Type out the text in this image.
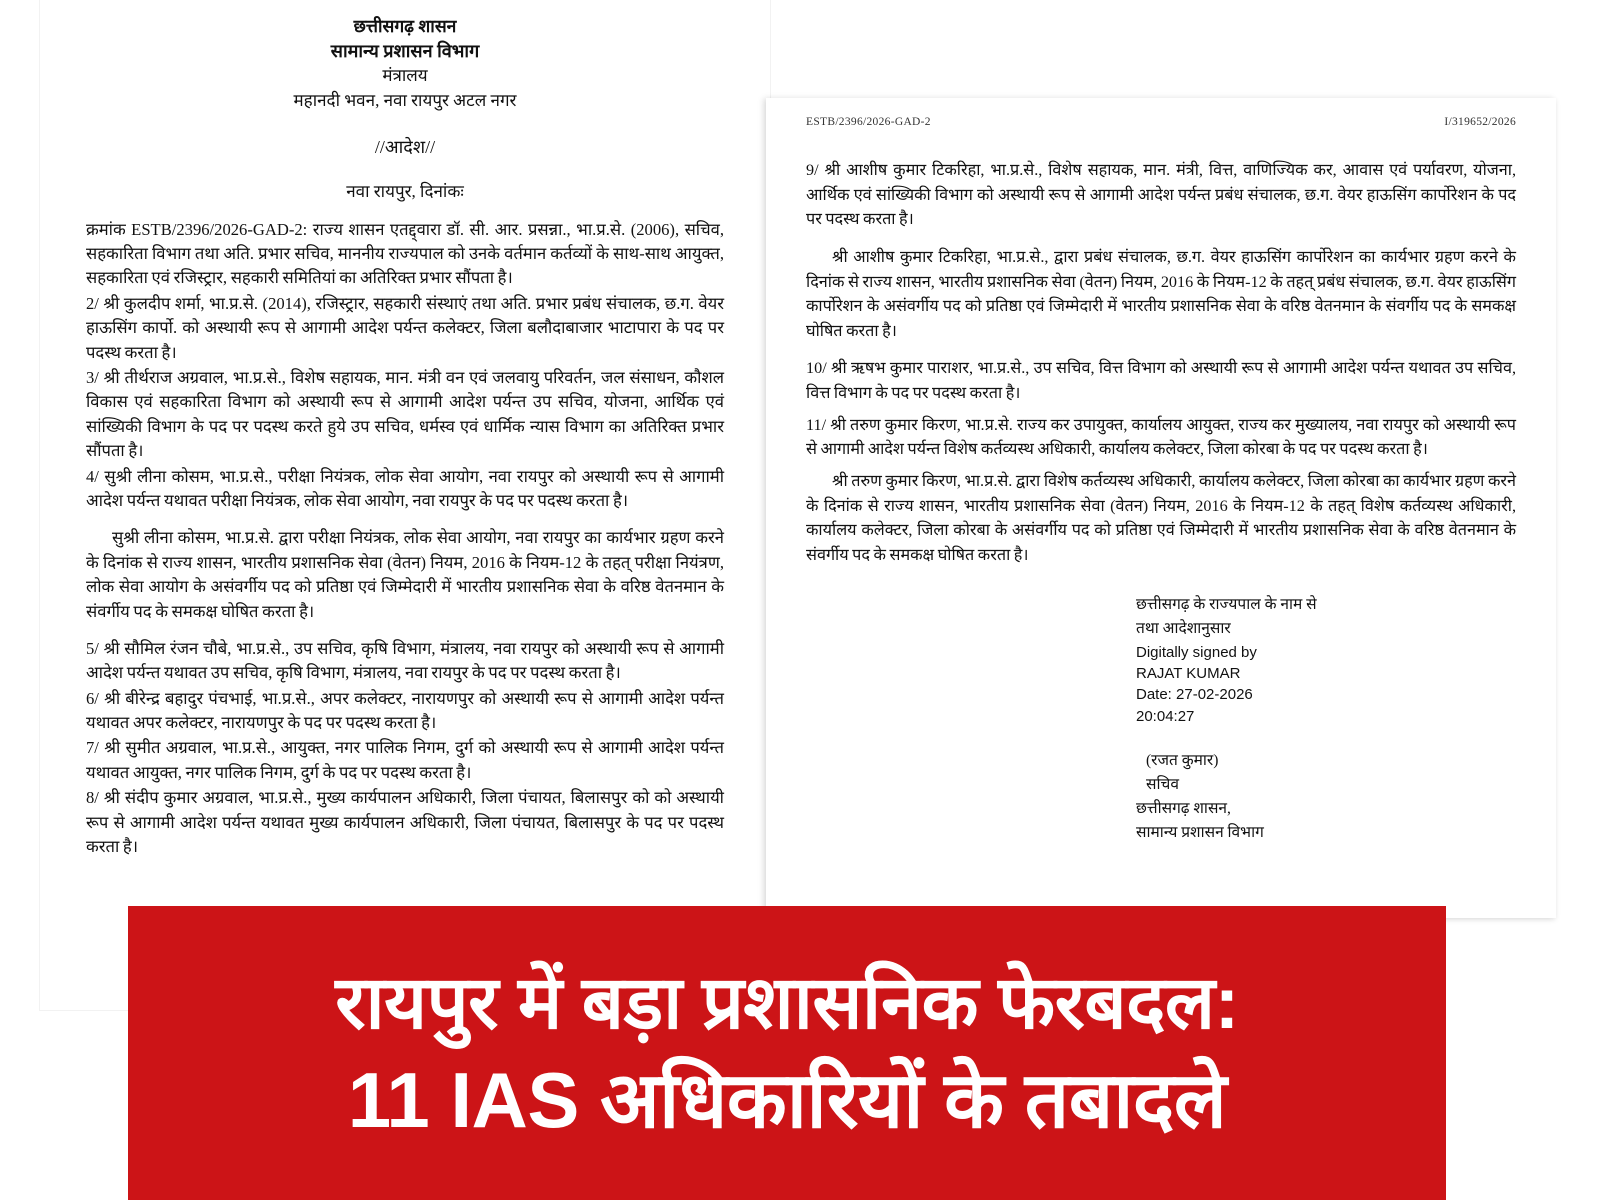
छत्तीसगढ़ शासन
सामान्य प्रशासन विभाग
मंत्रालय
महानदी भवन, नवा रायपुर अटल नगर
//आदेश//
नवा रायपुर, दिनांकः

क्रमांक ESTB/2396/2026-GAD-2: राज्य शासन एतद्द्वारा डॉ. सी. आर. प्रसन्ना., भा.प्र.से. (2006), सचिव, सहकारिता विभाग तथा अति. प्रभार सचिव, माननीय राज्यपाल को उनके वर्तमान कर्तव्यों के साथ-साथ आयुक्त, सहकारिता एवं रजिस्ट्रार, सहकारी समितियां का अतिरिक्त प्रभार सौंपता है।

2/ श्री कुलदीप शर्मा, भा.प्र.से. (2014), रजिस्ट्रार, सहकारी संस्थाएं तथा अति. प्रभार प्रबंध संचालक, छ.ग. वेयर हाऊसिंग कार्पो. को अस्थायी रूप से आगामी आदेश पर्यन्त कलेक्टर, जिला बलौदाबाजार भाटापारा के पद पर पदस्थ करता है।

3/ श्री तीर्थराज अग्रवाल, भा.प्र.से., विशेष सहायक, मान. मंत्री वन एवं जलवायु परिवर्तन, जल संसाधन, कौशल विकास एवं सहकारिता विभाग को अस्थायी रूप से आगामी आदेश पर्यन्त उप सचिव, योजना, आर्थिक एवं सांख्यिकी विभाग के पद पर पदस्थ करते हुये उप सचिव, धर्मस्व एवं धार्मिक न्यास विभाग का अतिरिक्त प्रभार सौंपता है।

4/ सुश्री लीना कोसम, भा.प्र.से., परीक्षा नियंत्रक, लोक सेवा आयोग, नवा रायपुर को अस्थायी रूप से आगामी आदेश पर्यन्त यथावत परीक्षा नियंत्रक, लोक सेवा आयोग, नवा रायपुर के पद पर पदस्थ करता है।

सुश्री लीना कोसम, भा.प्र.से. द्वारा परीक्षा नियंत्रक, लोक सेवा आयोग, नवा रायपुर का कार्यभार ग्रहण करने के दिनांक से राज्य शासन, भारतीय प्रशासनिक सेवा (वेतन) नियम, 2016 के नियम-12 के तहत् परीक्षा नियंत्रण, लोक सेवा आयोग के असंवर्गीय पद को प्रतिष्ठा एवं जिम्मेदारी में भारतीय प्रशासनिक सेवा के वरिष्ठ वेतनमान के संवर्गीय पद के समकक्ष घोषित करता है।

5/ श्री सौमिल रंजन चौबे, भा.प्र.से., उप सचिव, कृषि विभाग, मंत्रालय, नवा रायपुर को अस्थायी रूप से आगामी आदेश पर्यन्त यथावत उप सचिव, कृषि विभाग, मंत्रालय, नवा रायपुर के पद पर पदस्थ करता है।

6/ श्री बीरेन्द्र बहादुर पंचभाई, भा.प्र.से., अपर कलेक्टर, नारायणपुर को अस्थायी रूप से आगामी आदेश पर्यन्त यथावत अपर कलेक्टर, नारायणपुर के पद पर पदस्थ करता है।

7/ श्री सुमीत अग्रवाल, भा.प्र.से., आयुक्त, नगर पालिक निगम, दुर्ग को अस्थायी रूप से आगामी आदेश पर्यन्त यथावत आयुक्त, नगर पालिक निगम, दुर्ग के पद पर पदस्थ करता है।

8/ श्री संदीप कुमार अग्रवाल, भा.प्र.से., मुख्य कार्यपालन अधिकारी, जिला पंचायत, बिलासपुर को को अस्थायी रूप से आगामी आदेश पर्यन्त यथावत मुख्य कार्यपालन अधिकारी, जिला पंचायत, बिलासपुर के पद पर पदस्थ करता है।

ESTB/2396/2026-GAD-2	I/319652/2026

9/ श्री आशीष कुमार टिकरिहा, भा.प्र.से., विशेष सहायक, मान. मंत्री, वित्त, वाणिज्यिक कर, आवास एवं पर्यावरण, योजना, आर्थिक एवं सांख्यिकी विभाग को अस्थायी रूप से आगामी आदेश पर्यन्त प्रबंध संचालक, छ.ग. वेयर हाऊसिंग कार्पोरेशन के पद पर पदस्थ करता है।

श्री आशीष कुमार टिकरिहा, भा.प्र.से., द्वारा प्रबंध संचालक, छ.ग. वेयर हाऊसिंग कार्पोरेशन का कार्यभार ग्रहण करने के दिनांक से राज्य शासन, भारतीय प्रशासनिक सेवा (वेतन) नियम, 2016 के नियम-12 के तहत् प्रबंध संचालक, छ.ग. वेयर हाऊसिंग कार्पोरेशन के असंवर्गीय पद को प्रतिष्ठा एवं जिम्मेदारी में भारतीय प्रशासनिक सेवा के वरिष्ठ वेतनमान के संवर्गीय पद के समकक्ष घोषित करता है।

10/ श्री ऋषभ कुमार पाराशर, भा.प्र.से., उप सचिव, वित्त विभाग को अस्थायी रूप से आगामी आदेश पर्यन्त यथावत उप सचिव, वित्त विभाग के पद पर पदस्थ करता है।

11/ श्री तरुण कुमार किरण, भा.प्र.से. राज्य कर उपायुक्त, कार्यालय आयुक्त, राज्य कर मुख्यालय, नवा रायपुर को अस्थायी रूप से आगामी आदेश पर्यन्त विशेष कर्तव्यस्थ अधिकारी, कार्यालय कलेक्टर, जिला कोरबा के पद पर पदस्थ करता है।

श्री तरुण कुमार किरण, भा.प्र.से. द्वारा विशेष कर्तव्यस्थ अधिकारी, कार्यालय कलेक्टर, जिला कोरबा का कार्यभार ग्रहण करने के दिनांक से राज्य शासन, भारतीय प्रशासनिक सेवा (वेतन) नियम, 2016 के नियम-12 के तहत् विशेष कर्तव्यस्थ अधिकारी, कार्यालय कलेक्टर, जिला कोरबा के असंवर्गीय पद को प्रतिष्ठा एवं जिम्मेदारी में भारतीय प्रशासनिक सेवा के वरिष्ठ वेतनमान के संवर्गीय पद के समकक्ष घोषित करता है।

छत्तीसगढ़ के राज्यपाल के नाम से
तथा आदेशानुसार
Digitally signed by
RAJAT KUMAR
Date: 27-02-2026
20:04:27
(रजत कुमार)
सचिव
छत्तीसगढ़ शासन,
सामान्य प्रशासन विभाग
रायपुर में बड़ा प्रशासनिक फेरबदल:
11 IAS अधिकारियों के तबादले
